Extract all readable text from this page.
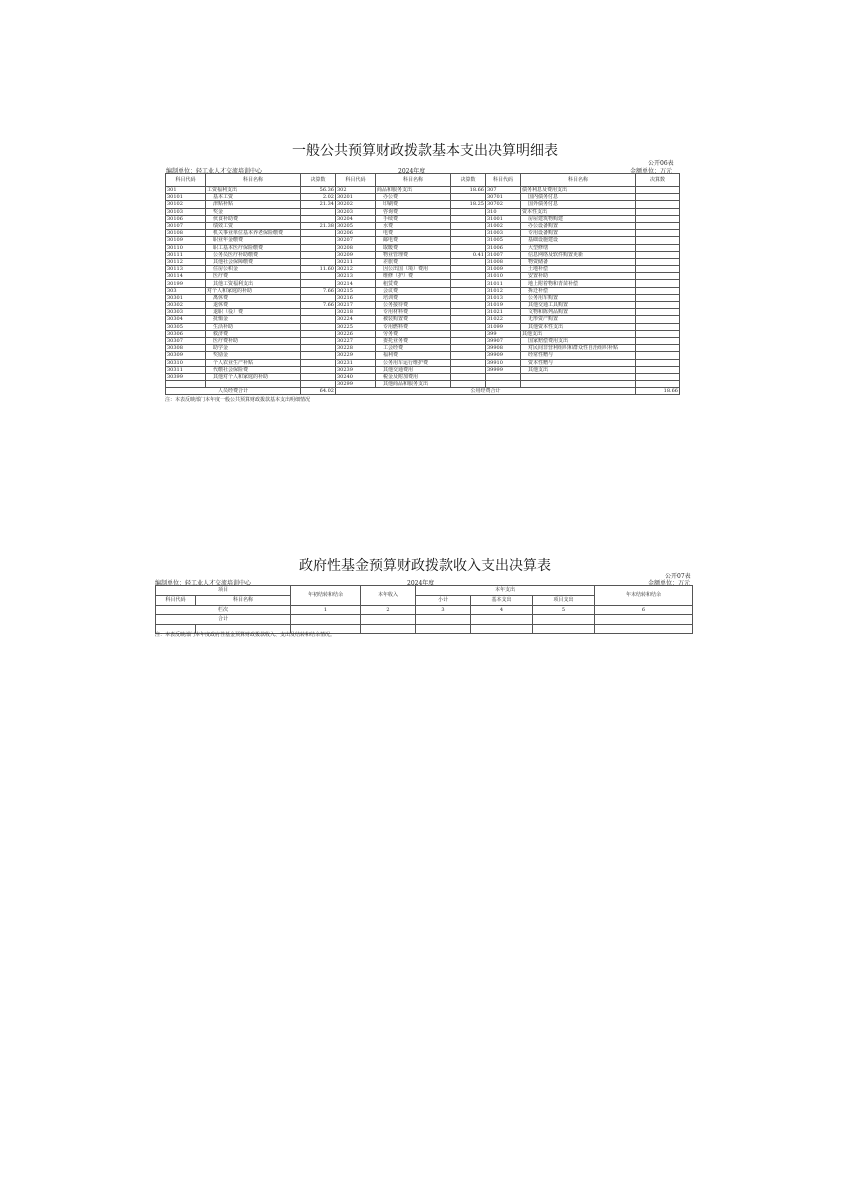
一般公共预算财政拨款基本支出决算明细表
公开06表
编制单位：轻工业人才交流培训中心	2024年度	金额单位：万元
科目代码	科目名称	决算数	科目代码	科目名称	决算数	科目代码	科目名称	决算数
301	工资福利支出	56.36	302	商品和服务支出	18.66	307	债务利息及费用支出	
30101	基本工资	2.02	30201	办公费		30701	国内债务付息	
30102	津贴补贴	21.34	30202	印刷费	18.25	30702	国外债务付息	
30103	奖金		30203	咨询费		310	资本性支出	
30106	伙食补助费		30204	手续费		31001	房屋建筑物购建	
30107	绩效工资	21.38	30205	水费		31002	办公设备购置	
30108	机关事业单位基本养老保险缴费		30206	电费		31003	专用设备购置	
30109	职业年金缴费		30207	邮电费		31005	基础设施建设	
30110	职工基本医疗保险缴费		30208	取暖费		31006	大型修缮	
30111	公务员医疗补助缴费		30209	物业管理费	0.41	31007	信息网络及软件购置更新	
30112	其他社会保障缴费		30211	差旅费		31008	物资储备	
30113	住房公积金	11.60	30212	因公出国（境）费用		31009	土地补偿	
30114	医疗费		30213	维修（护）费		31010	安置补助	
30199	其他工资福利支出		30214	租赁费		31011	地上附着物和青苗补偿	
303	对个人和家庭的补助	7.66	30215	会议费		31012	拆迁补偿	
30301	离休费		30216	培训费		31013	公务用车购置	
30302	退休费	7.66	30217	公务接待费		31019	其他交通工具购置	
30303	退职（役）费		30218	专用材料费		31021	文物和陈列品购置	
30304	抚恤金		30224	被装购置费		31022	无形资产购置	
30305	生活补助		30225	专用燃料费		31099	其他资本性支出	
30306	救济费		30226	劳务费		399	其他支出	
30307	医疗费补助		30227	委托业务费		39907	国家赔偿费用支出	
30308	助学金		30228	工会经费		39908	对民间非营利组织和群众性自治组织补贴	
30309	奖励金		30229	福利费		39909	经常性赠与	
30310	个人农业生产补贴		30231	公务用车运行维护费		39910	资本性赠与	
30311	代缴社会保险费		30239	其他交通费用		39999	其他支出	
30399	其他对个人和家庭的补助		30240	税金及附加费用				
			30299	其他商品和服务支出				
人员经费合计		64.02	公用经费合计					18.66
注：本表反映部门本年度一般公共预算财政拨款基本支出明细情况
政府性基金预算财政拨款收入支出决算表
公开07表
编制单位：轻工业人才交流培训中心	2024年度	金额单位：万元
项目		年初结转和结余	本年收入	本年支出			年末结转和结余
科目代码	科目名称			小计	基本支出	项目支出	

栏次		1	2	3	4	5	6
合计							

注：本表反映部门本年度政府性基金预算财政拨款收入、支出及结转和结余情况。
